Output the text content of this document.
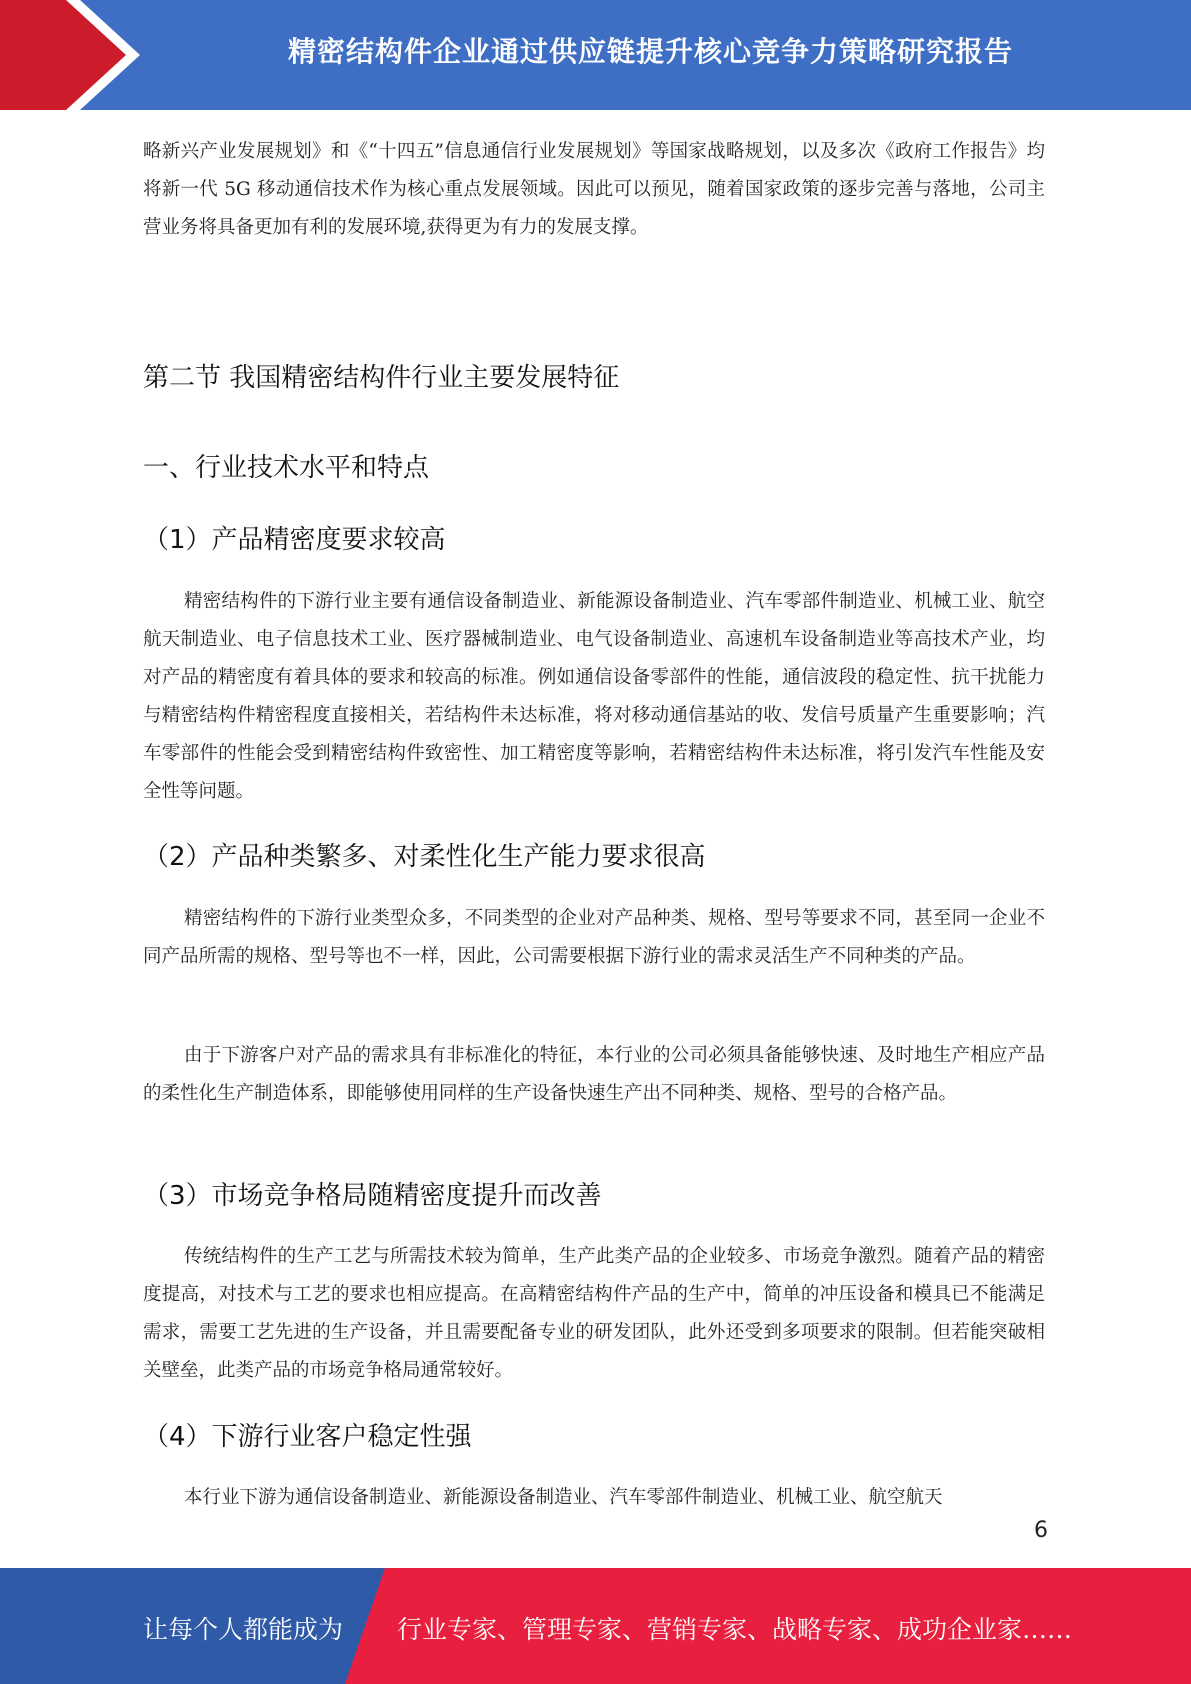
精密结构件企业通过供应链提升核心竞争力策略研究报告

略新兴产业发展规划》和《“十四五”信息通信行业发展规划》等国家战略规划，以及多次《政府工作报告》均将新一代 5G 移动通信技术作为核心重点发展领域。因此可以预见，随着国家政策的逐步完善与落地，公司主营业务将具备更加有利的发展环境,获得更为有力的发展支撑。

第二节 我国精密结构件行业主要发展特征
一、行业技术水平和特点
（1）产品精密度要求较高

精密结构件的下游行业主要有通信设备制造业、新能源设备制造业、汽车零部件制造业、机械工业、航空航天制造业、电子信息技术工业、医疗器械制造业、电气设备制造业、高速机车设备制造业等高技术产业，均对产品的精密度有着具体的要求和较高的标准。例如通信设备零部件的性能，通信波段的稳定性、抗干扰能力与精密结构件精密程度直接相关，若结构件未达标准，将对移动通信基站的收、发信号质量产生重要影响；汽车零部件的性能会受到精密结构件致密性、加工精密度等影响，若精密结构件未达标准，将引发汽车性能及安全性等问题。

（2）产品种类繁多、对柔性化生产能力要求很高

精密结构件的下游行业类型众多，不同类型的企业对产品种类、规格、型号等要求不同，甚至同一企业不同产品所需的规格、型号等也不一样，因此，公司需要根据下游行业的需求灵活生产不同种类的产品。

由于下游客户对产品的需求具有非标准化的特征，本行业的公司必须具备能够快速、及时地生产相应产品的柔性化生产制造体系，即能够使用同样的生产设备快速生产出不同种类、规格、型号的合格产品。

（3）市场竞争格局随精密度提升而改善

传统结构件的生产工艺与所需技术较为简单，生产此类产品的企业较多、市场竞争激烈。随着产品的精密度提高，对技术与工艺的要求也相应提高。在高精密结构件产品的生产中，简单的冲压设备和模具已不能满足需求，需要工艺先进的生产设备，并且需要配备专业的研发团队，此外还受到多项要求的限制。但若能突破相关壁垒，此类产品的市场竞争格局通常较好。

（4）下游行业客户稳定性强

本行业下游为通信设备制造业、新能源设备制造业、汽车零部件制造业、机械工业、航空航天

6
让每个人都能成为 行业专家、管理专家、营销专家、战略专家、成功企业家……
